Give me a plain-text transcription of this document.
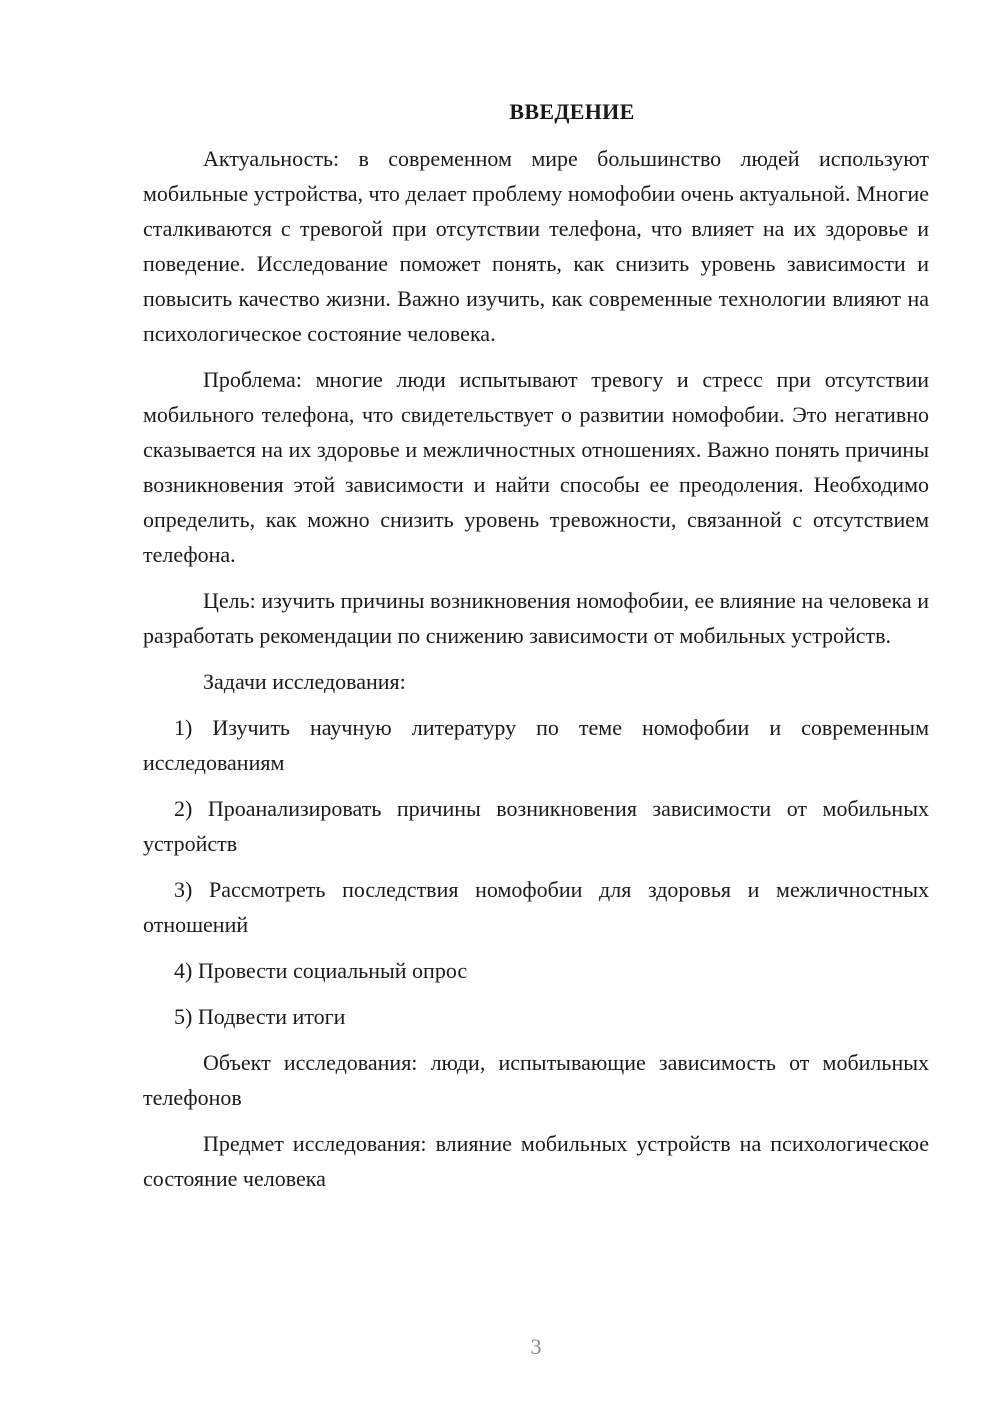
ВВЕДЕНИЕ

Актуальность: в современном мире большинство людей используют мобильные устройства, что делает проблему номофобии очень актуальной. Многие сталкиваются с тревогой при отсутствии телефона, что влияет на их здоровье и поведение. Исследование поможет понять, как снизить уровень зависимости и повысить качество жизни. Важно изучить, как современные технологии влияют на психологическое состояние человека.

Проблема: многие люди испытывают тревогу и стресс при отсутствии мобильного телефона, что свидетельствует о развитии номофобии. Это негативно сказывается на их здоровье и межличностных отношениях. Важно понять причины возникновения этой зависимости и найти способы ее преодоления. Необходимо определить, как можно снизить уровень тревожности, связанной с отсутствием телефона.

Цель: изучить причины возникновения номофобии, ее влияние на человека и разработать рекомендации по снижению зависимости от мобильных устройств.

Задачи исследования:

1) Изучить научную литературу по теме номофобии и современным исследованиям

2) Проанализировать причины возникновения зависимости от мобильных устройств

3) Рассмотреть последствия номофобии для здоровья и межличностных отношений

4) Провести социальный опрос

5) Подвести итоги

Объект исследования: люди, испытывающие зависимость от мобильных телефонов

Предмет исследования: влияние мобильных устройств на психологическое состояние человека

3
